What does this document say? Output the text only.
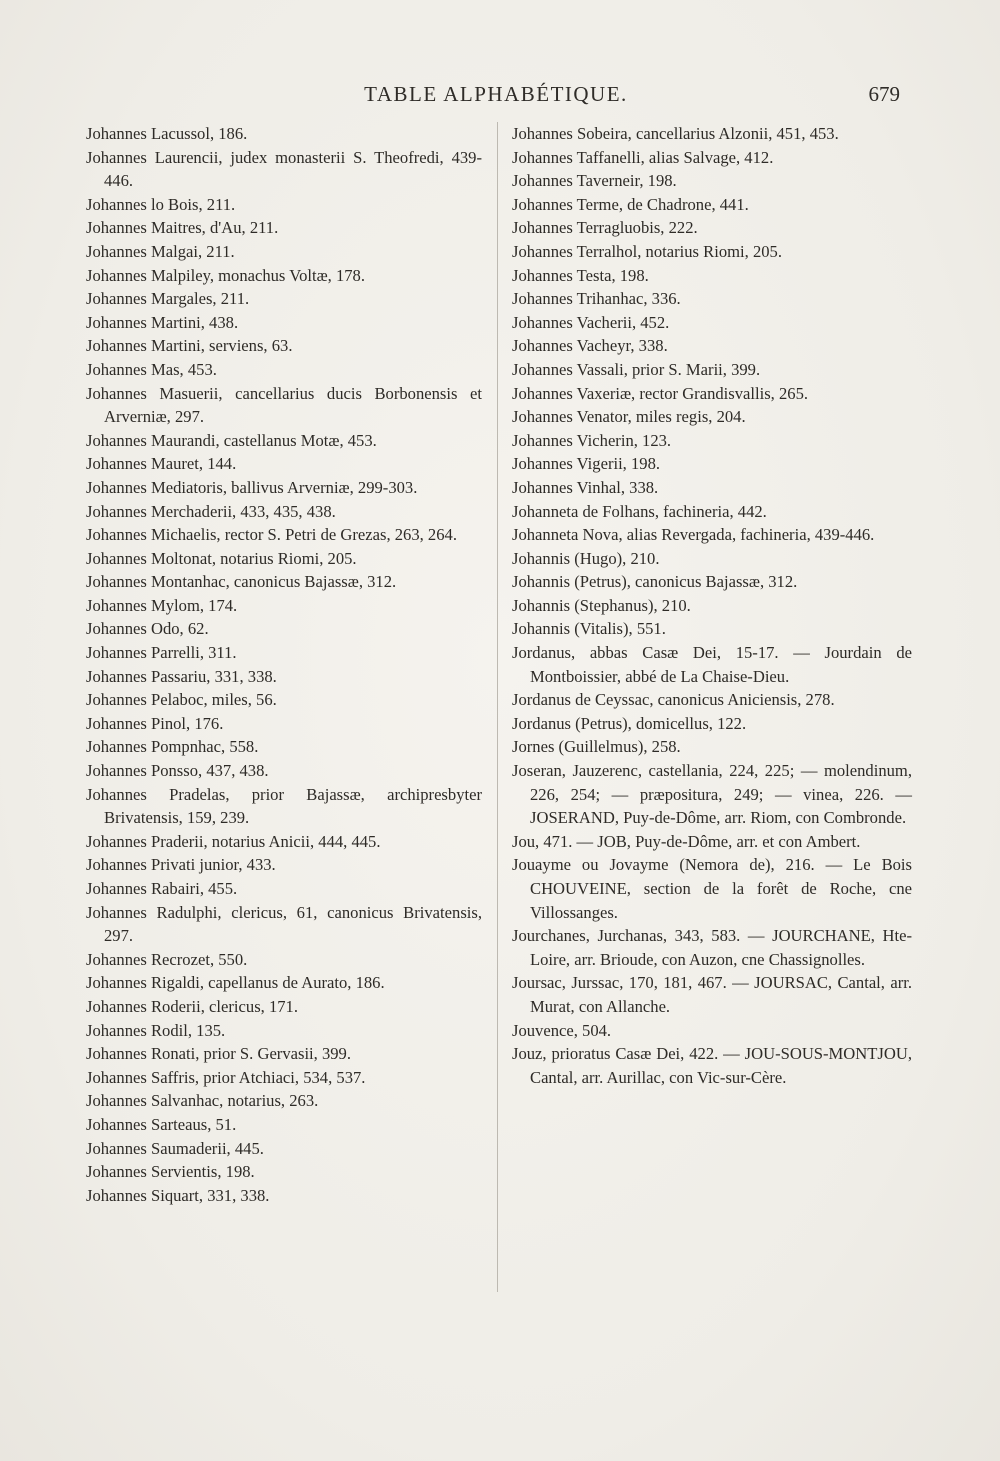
TABLE ALPHABÉTIQUE.	679

Johannes Lacussol, 186.

Johannes Laurencii, judex monasterii S. Theofredi, 439-446.

Johannes lo Bois, 211.

Johannes Maitres, d'Au, 211.

Johannes Malgai, 211.

Johannes Malpiley, monachus Voltæ, 178.

Johannes Margales, 211.

Johannes Martini, 438.

Johannes Martini, serviens, 63.

Johannes Mas, 453.

Johannes Masuerii, cancellarius ducis Borbonensis et Arverniæ, 297.

Johannes Maurandi, castellanus Motæ, 453.

Johannes Mauret, 144.

Johannes Mediatoris, ballivus Arverniæ, 299-303.

Johannes Merchaderii, 433, 435, 438.

Johannes Michaelis, rector S. Petri de Grezas, 263, 264.

Johannes Moltonat, notarius Riomi, 205.

Johannes Montanhac, canonicus Bajassæ, 312.

Johannes Mylom, 174.

Johannes Odo, 62.

Johannes Parrelli, 311.

Johannes Passariu, 331, 338.

Johannes Pelaboc, miles, 56.

Johannes Pinol, 176.

Johannes Pompnhac, 558.

Johannes Ponsso, 437, 438.

Johannes Pradelas, prior Bajassæ, archipresbyter Brivatensis, 159, 239.

Johannes Praderii, notarius Anicii, 444, 445.

Johannes Privati junior, 433.

Johannes Rabairi, 455.

Johannes Radulphi, clericus, 61, canonicus Brivatensis, 297.

Johannes Recrozet, 550.

Johannes Rigaldi, capellanus de Aurato, 186.

Johannes Roderii, clericus, 171.

Johannes Rodil, 135.

Johannes Ronati, prior S. Gervasii, 399.

Johannes Saffris, prior Atchiaci, 534, 537.

Johannes Salvanhac, notarius, 263.

Johannes Sarteaus, 51.

Johannes Saumaderii, 445.

Johannes Servientis, 198.

Johannes Siquart, 331, 338.

Johannes Sobeira, cancellarius Alzonii, 451, 453.

Johannes Taffanelli, alias Salvage, 412.

Johannes Taverneir, 198.

Johannes Terme, de Chadrone, 441.

Johannes Terragluobis, 222.

Johannes Terralhol, notarius Riomi, 205.

Johannes Testa, 198.

Johannes Trihanhac, 336.

Johannes Vacherii, 452.

Johannes Vacheyr, 338.

Johannes Vassali, prior S. Marii, 399.

Johannes Vaxeriæ, rector Grandisvallis, 265.

Johannes Venator, miles regis, 204.

Johannes Vicherin, 123.

Johannes Vigerii, 198.

Johannes Vinhal, 338.

Johanneta de Folhans, fachineria, 442.

Johanneta Nova, alias Revergada, fachineria, 439-446.

Johannis (Hugo), 210.

Johannis (Petrus), canonicus Bajassæ, 312.

Johannis (Stephanus), 210.

Johannis (Vitalis), 551.

Jordanus, abbas Casæ Dei, 15-17. — Jourdain de Montboissier, abbé de La Chaise-Dieu.

Jordanus de Ceyssac, canonicus Aniciensis, 278.

Jordanus (Petrus), domicellus, 122.

Jornes (Guillelmus), 258.

Joseran, Jauzerenc, castellania, 224, 225; — molendinum, 226, 254; — præpositura, 249; — vinea, 226. — JOSERAND, Puy-de-Dôme, arr. Riom, con Combronde.

Jou, 471. — JOB, Puy-de-Dôme, arr. et con Ambert.

Jouayme ou Jovayme (Nemora de), 216. — Le Bois CHOUVEINE, section de la forêt de Roche, cne Villossanges.

Jourchanes, Jurchanas, 343, 583. — JOURCHANE, Hte-Loire, arr. Brioude, con Auzon, cne Chassignolles.

Joursac, Jurssac, 170, 181, 467. — JOURSAC, Cantal, arr. Murat, con Allanche.

Jouvence, 504.

Jouz, prioratus Casæ Dei, 422. — JOU-SOUS-MONTJOU, Cantal, arr. Aurillac, con Vic-sur-Cère.
